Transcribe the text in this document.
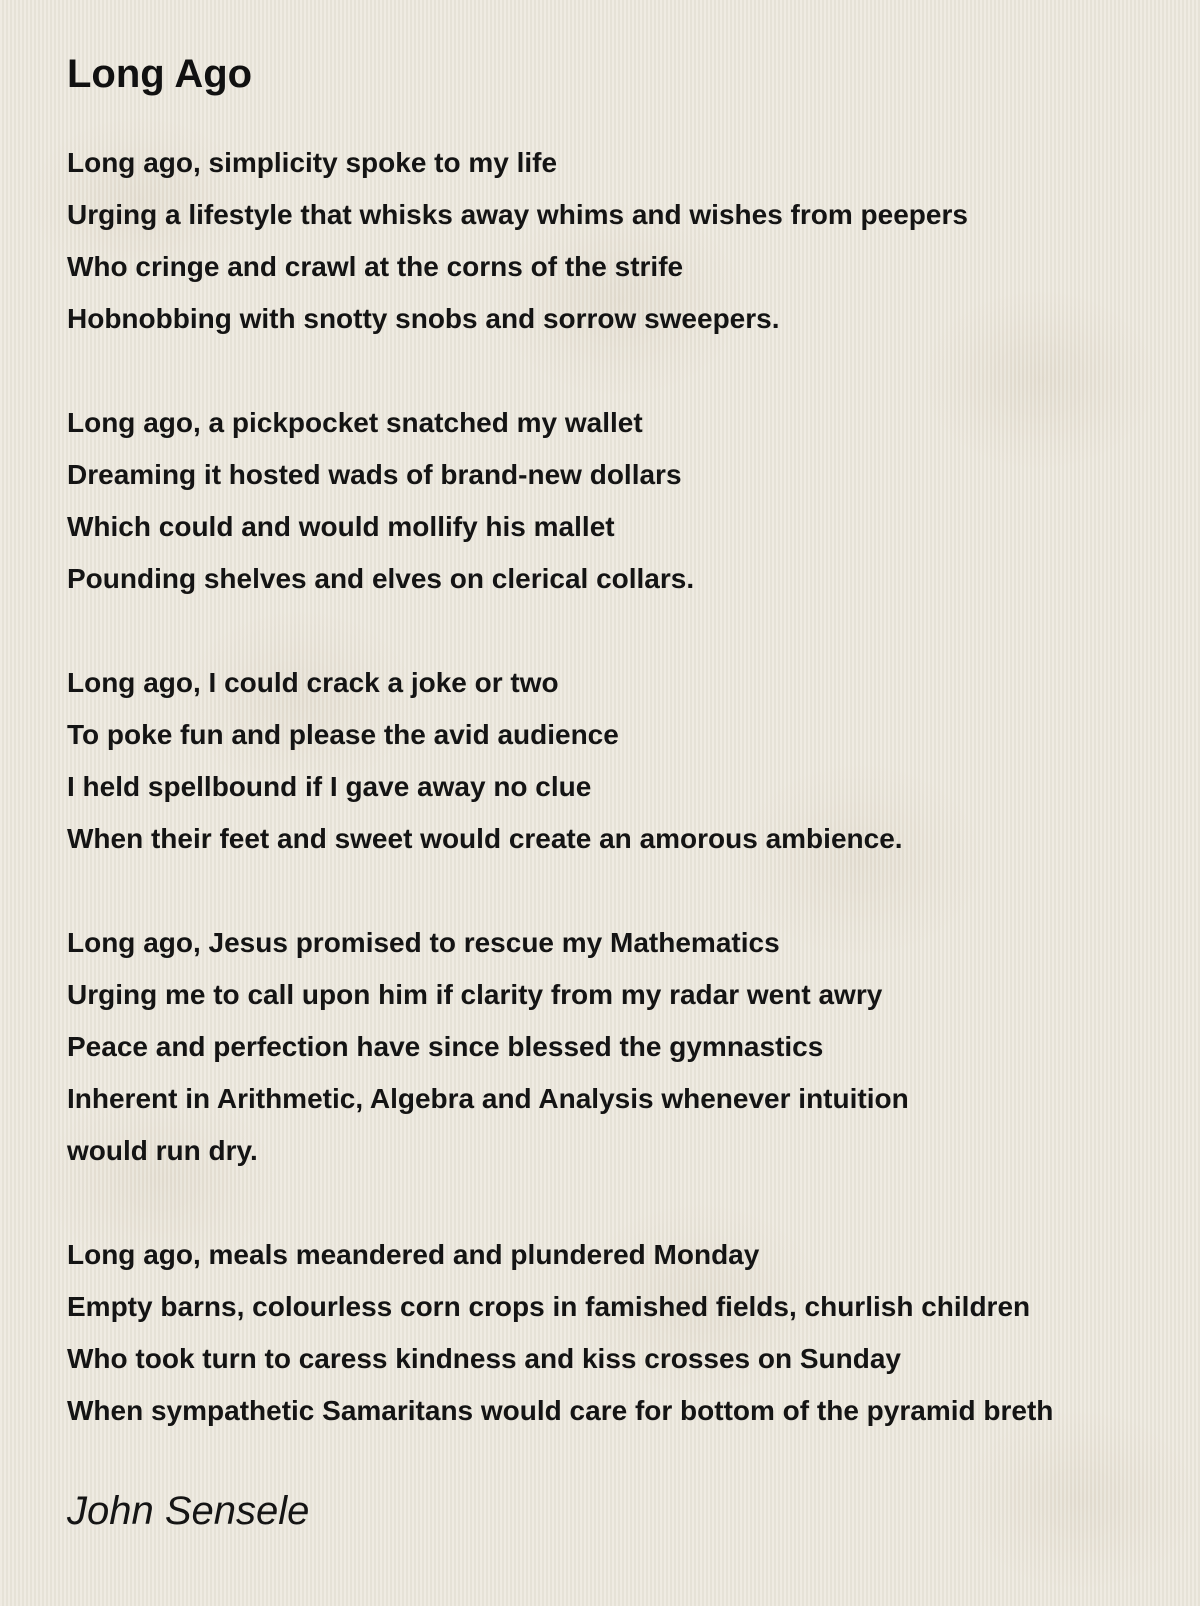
Long Ago
Long ago, simplicity spoke to my life
Urging a lifestyle that whisks away whims and wishes from peepers
Who cringe and crawl at the corns of the strife
Hobnobbing with snotty snobs and sorrow sweepers.
Long ago, a pickpocket snatched my wallet
Dreaming it hosted wads of brand-new dollars
Which could and would mollify his mallet
Pounding shelves and elves on clerical collars.
Long ago, I could crack a joke or two
To poke fun and please the avid audience
I held spellbound if I gave away no clue
When their feet and sweet would create an amorous ambience.
Long ago, Jesus promised to rescue my Mathematics
Urging me to call upon him if clarity from my radar went awry
Peace and perfection have since blessed the gymnastics
Inherent in Arithmetic, Algebra and Analysis whenever intuition
would run dry.
Long ago, meals meandered and plundered Monday
Empty barns, colourless corn crops in famished fields, churlish children
Who took turn to caress kindness and kiss crosses on Sunday
When sympathetic Samaritans would care for bottom of the pyramid breth
John Sensele
